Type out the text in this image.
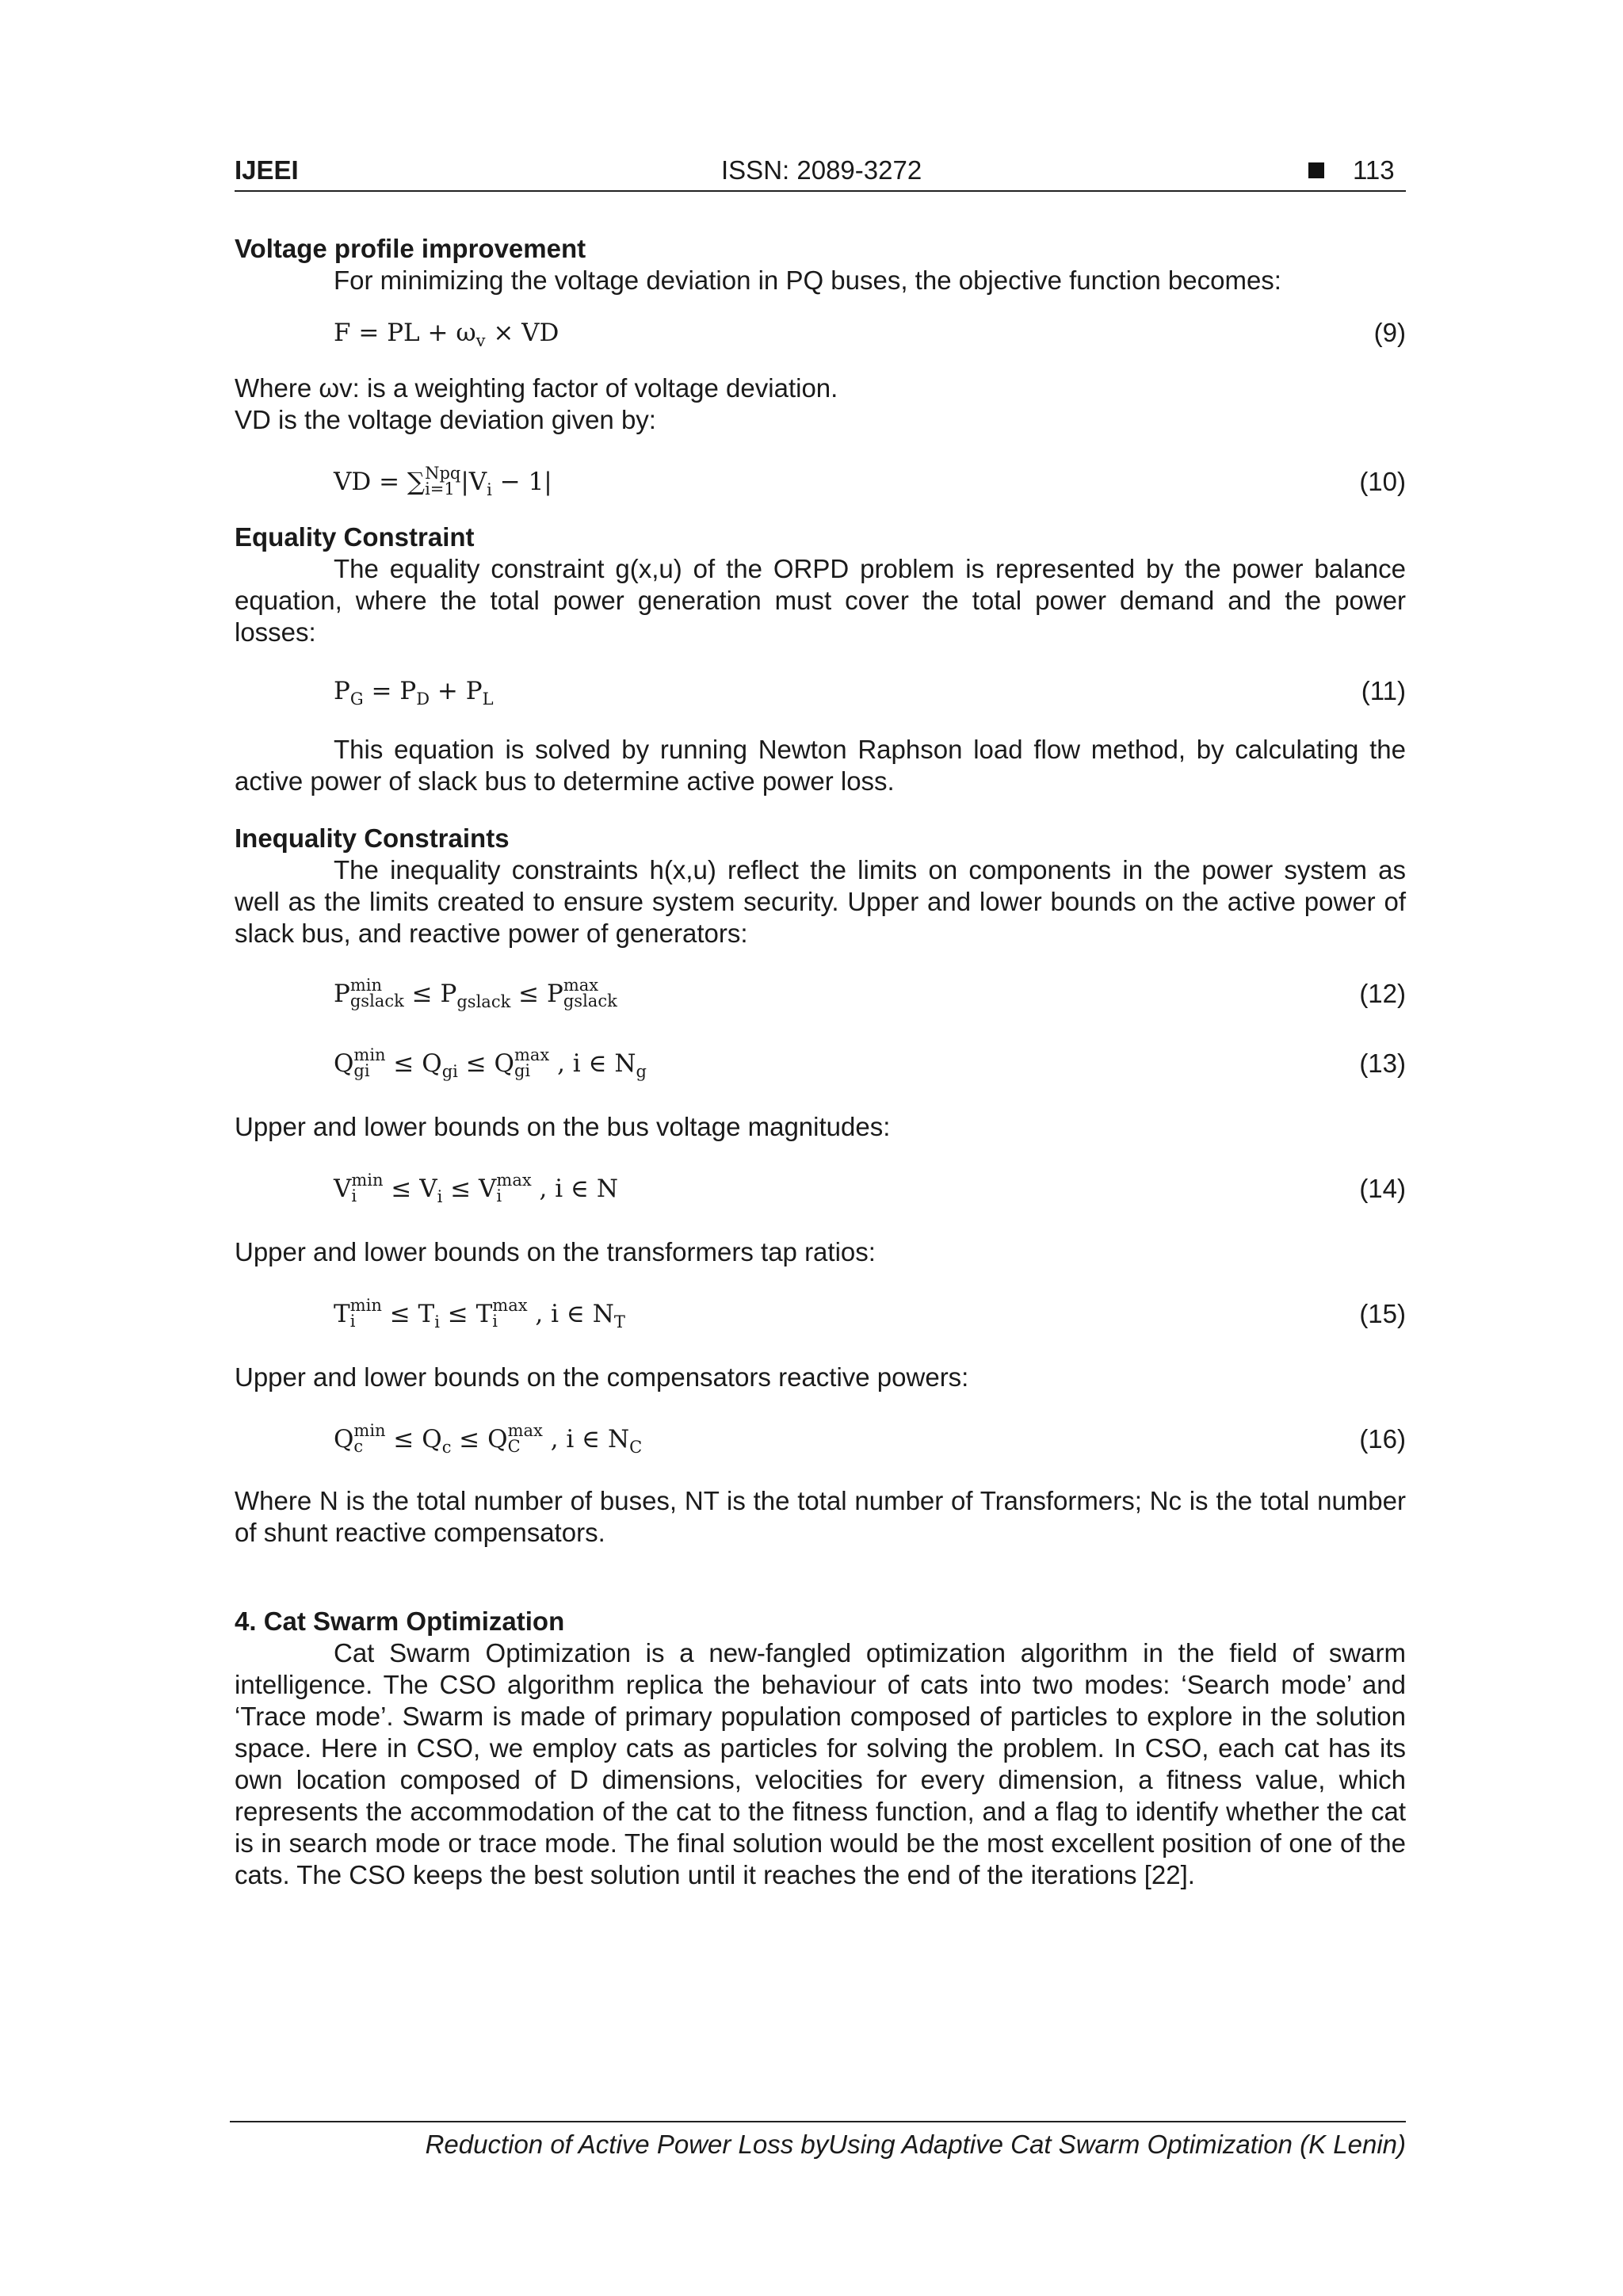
IJEEI	ISSN: 2089-3272	113

Voltage profile improvement

For minimizing the voltage deviation in PQ buses, the objective function becomes:

F = PL + $\omega_v$ × VD	(9)

Where ωv: is a weighting factor of voltage deviation.

VD is the voltage deviation given by:

VD = ∑ Npq
i=1 $|V_i - 1|$	(10)

Equality Constraint

The equality constraint g(x,u) of the ORPD problem is represented by the power balance equation, where the total power generation must cover the total power demand and the power losses:

$P_G = P_D + P_L$	(11)

This equation is solved by running Newton Raphson load flow method, by calculating the active power of slack bus to determine active power loss.

Inequality Constraints

The inequality constraints h(x,u) reflect the limits on components in the power system as well as the limits created to ensure system security. Upper and lower bounds on the active power of slack bus, and reactive power of generators:

P min
gslack ≤ $P_{gslack} \le P$ max
gslack	(12)
Q min
gi ≤ $Q_{gi} \le Q$ max
gi , i ∈ $N_g$	(13)

Upper and lower bounds on the bus voltage magnitudes:

V min
i	≤ $V_i \le V$ max
i	, i ∈ N	(14)

Upper and lower bounds on the transformers tap ratios:

T min
i	≤ $T_i \le T$ max
i	, i ∈ $N_T$	(15)

Upper and lower bounds on the compensators reactive powers:

Q min
$c \le Q_c \le Q$ max
C , i ∈ $N_C$	(16)

Where N is the total number of buses, NT is the total number of Transformers; Nc is the total number of shunt reactive compensators.

4. Cat Swarm Optimization

Cat Swarm Optimization is a new-fangled optimization algorithm in the field of swarm intelligence. The CSO algorithm replica the behaviour of cats into two modes: ‘Search mode’ and ‘Trace mode’. Swarm is made of primary population composed of particles to explore in the solution space. Here in CSO, we employ cats as particles for solving the problem. In CSO, each cat has its own location composed of D dimensions, velocities for every dimension, a fitness value, which represents the accommodation of the cat to the fitness function, and a flag to identify whether the cat is in search mode or trace mode. The final solution would be the most excellent position of one of the cats. The CSO keeps the best solution until it reaches the end of the iterations [22].

Reduction of Active Power Loss byUsing Adaptive Cat Swarm Optimization (K Lenin)
